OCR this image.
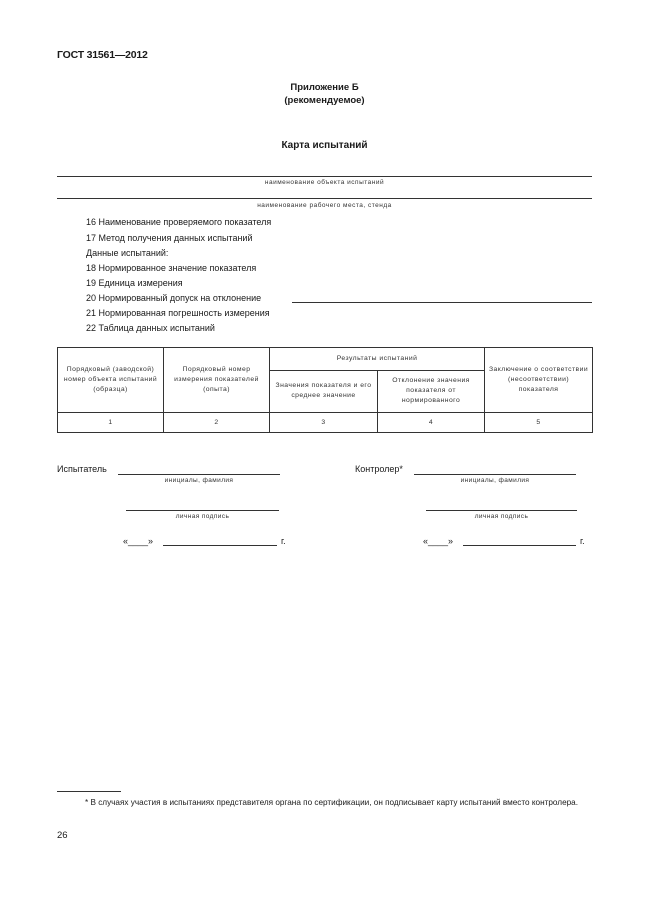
ГОСТ 31561—2012
Приложение Б
(рекомендуемое)
Карта испытаний
наименование объекта испытаний
наименование рабочего места, стенда
16 Наименование проверяемого показателя
17 Метод получения данных испытаний
Данные испытаний:
18 Нормированное значение показателя
19 Единица измерения
20 Нормированный допуск на отклонение
21 Нормированная погрешность измерения
22 Таблица данных испытаний
Порядковый (заводской) номер объекта испытаний (образца)	Порядковый номер измерения показателей (опыта)	Результаты испытаний		Заключение о соответствии (несоответствии) показателя
		Значения показателя и его среднее значение	Отклонение значения показателя от нормированного	
1	2	3	4	5
Испытатель
инициалы, фамилия
личная подпись
«____»	г.
Контролер*
инициалы, фамилия
личная подпись
«____»	г.
* В случаях участия в испытаниях представителя органа по сертификации, он подписывает карту испытаний вместо контролера.
26
